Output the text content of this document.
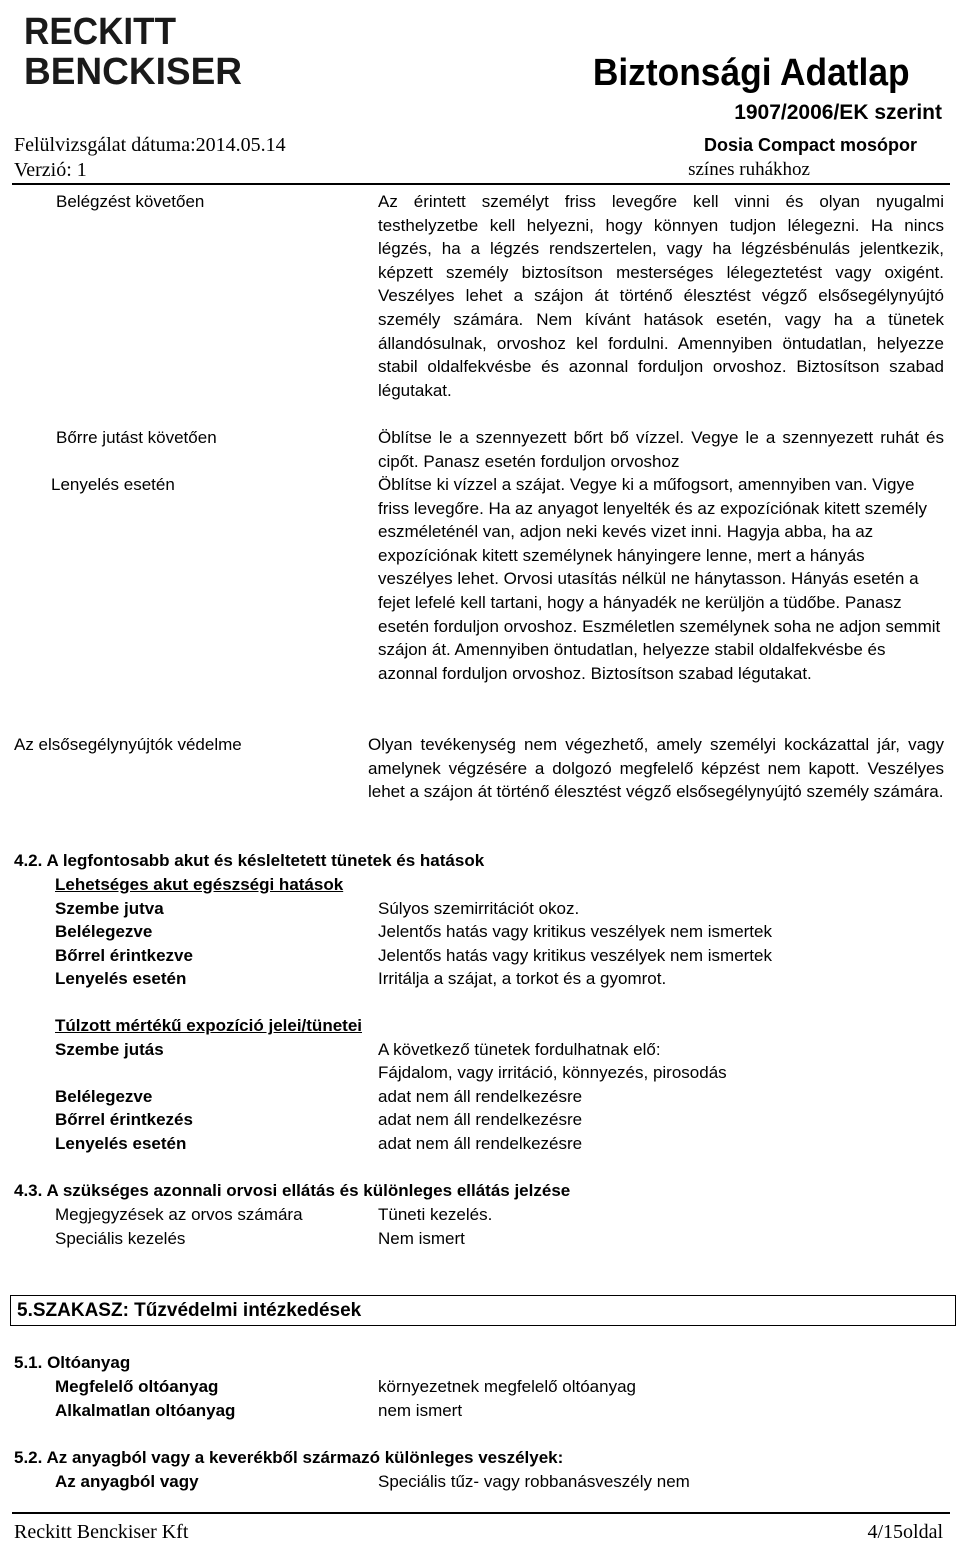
RECKITT
BENCKISER	Biztonsági Adatlap
1907/2006/EK szerint
Dosia Compact mosópor
színes ruhákhoz
Felülvizsgálat dátuma:2014.05.14
Verzió: 1
Belégzést követően	Az érintett személyt friss levegőre kell vinni és olyan nyugalmi testhelyzetbe kell helyezni, hogy könnyen tudjon lélegezni. Ha nincs légzés, ha a légzés rendszertelen, vagy ha légzésbénulás jelentkezik, képzett személy biztosítson mesterséges lélegeztetést vagy oxigént. Veszélyes lehet a szájon át történő élesztést végző elsősegélynyújtó személy számára. Nem kívánt hatások esetén, vagy ha a tünetek állandósulnak, orvoshoz kel fordulni. Amennyiben öntudatlan, helyezze stabil oldalfekvésbe és azonnal forduljon orvoshoz. Biztosítson szabad légutakat.
Bőrre jutást követően	Öblítse le a szennyezett bőrt bő vízzel. Vegye le a szennyezett ruhát és cipőt. Panasz esetén forduljon orvoshoz
Lenyelés esetén	Öblítse ki vízzel a szájat. Vegye ki a műfogsort, amennyiben van. Vigye friss levegőre. Ha az anyagot lenyelték és az expozíciónak kitett személy eszméleténél van, adjon neki kevés vizet inni. Hagyja abba, ha az expozíciónak kitett személynek hányingere lenne, mert a hányás veszélyes lehet. Orvosi utasítás nélkül ne hánytasson. Hányás esetén a fejet lefelé kell tartani, hogy a hányadék ne kerüljön a tüdőbe. Panasz esetén forduljon orvoshoz. Eszméletlen személynek soha ne adjon semmit szájon át. Amennyiben öntudatlan, helyezze stabil oldalfekvésbe és azonnal forduljon orvoshoz. Biztosítson szabad légutakat.
Az elsősegélynyújtók védelme	Olyan tevékenység nem végezhető, amely személyi kockázattal jár, vagy amelynek végzésére a dolgozó megfelelő képzést nem kapott. Veszélyes lehet a szájon át történő élesztést végző elsősegélynyújtó személy számára.
4.2. A legfontosabb akut és késleltetett tünetek és hatások
Lehetséges akut egészségi hatások
Szembe jutva	Súlyos szemirritációt okoz.
Belélegezve	Jelentős hatás vagy kritikus veszélyek nem ismertek
Bőrrel érintkezve	Jelentős hatás vagy kritikus veszélyek nem ismertek
Lenyelés esetén	Irritálja a szájat, a torkot és a gyomrot.
Túlzott mértékű expozíció jelei/tünetei
Szembe jutás	A következő tünetek fordulhatnak elő:
Fájdalom, vagy irritáció, könnyezés, pirosodás
Belélegezve	adat nem áll rendelkezésre
Bőrrel érintkezés	adat nem áll rendelkezésre
Lenyelés esetén	adat nem áll rendelkezésre
4.3. A szükséges azonnali orvosi ellátás és különleges ellátás jelzése
Megjegyzések az orvos számára	Tüneti kezelés.
Speciális kezelés	Nem ismert
5.SZAKASZ: Tűzvédelmi intézkedések
5.1. Oltóanyag
Megfelelő oltóanyag	környezetnek megfelelő oltóanyag
Alkalmatlan oltóanyag	nem ismert
5.2. Az anyagból vagy a keverékből származó különleges veszélyek:
Az anyagból vagy	Speciális tűz- vagy robbanásveszély nem
Reckitt Benckiser Kft	4/15oldal
